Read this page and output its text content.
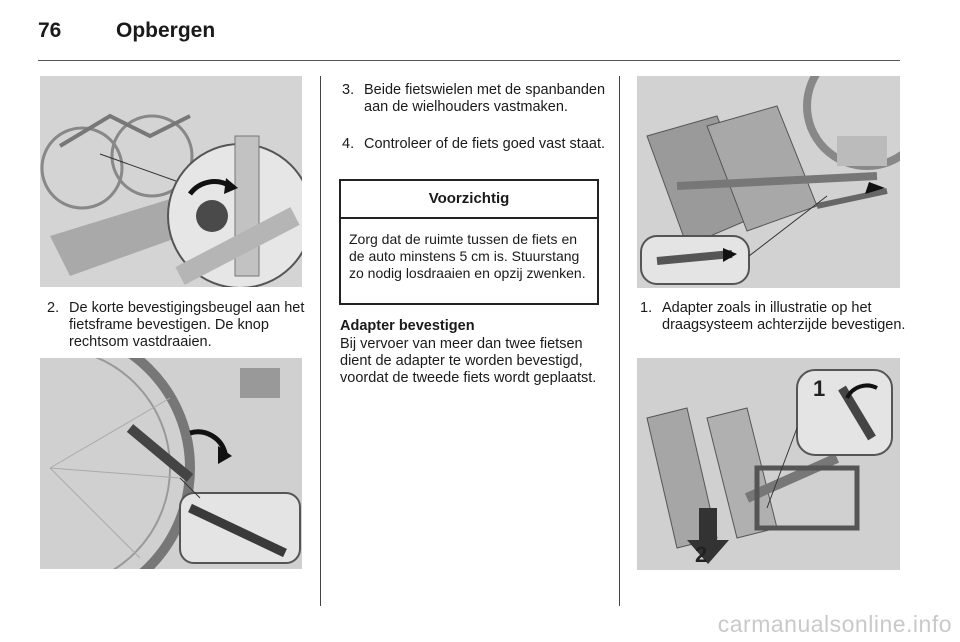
76	Opbergen
2. De korte bevestigingsbeugel aan het fietsframe bevestigen. De knop rechtsom vastdraaien.
3. Beide fietswielen met de spanbanden aan de wielhouders vastmaken.
4. Controleer of de fiets goed vast staat.
Voorzichtig
Zorg dat de ruimte tussen de fiets en de auto minstens 5 cm is. Stuurstang zo nodig losdraaien en opzij zwenken.
Adapter bevestigen
Bij vervoer van meer dan twee fietsen dient de adapter te worden bevestigd, voordat de tweede fiets wordt geplaatst.
1. Adapter zoals in illustratie op het draagsysteem achterzijde bevestigen.
1
2
carmanualsonline.info
